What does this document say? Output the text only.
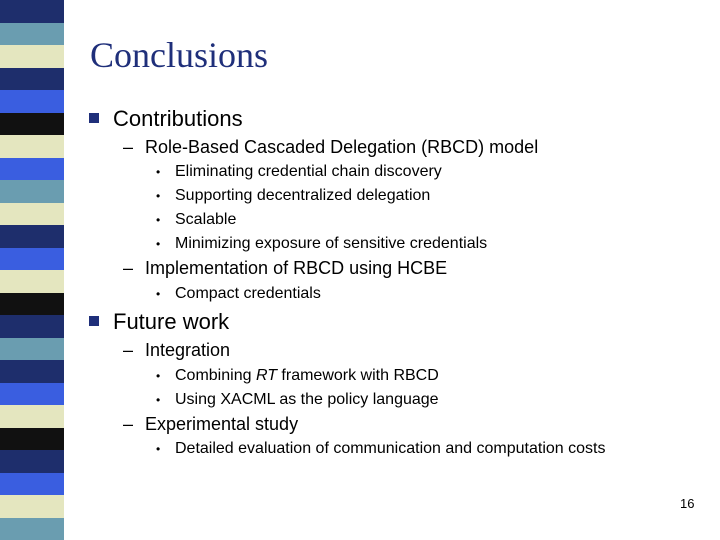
Conclusions
Contributions
– Role-Based Cascaded Delegation (RBCD) model
• Eliminating credential chain discovery
• Supporting decentralized delegation
• Scalable
• Minimizing exposure of sensitive credentials
– Implementation of RBCD using HCBE
• Compact credentials
Future work
– Integration
• Combining RT framework with RBCD
• Using XACML as the policy language
– Experimental study
• Detailed evaluation of communication and computation costs
16
